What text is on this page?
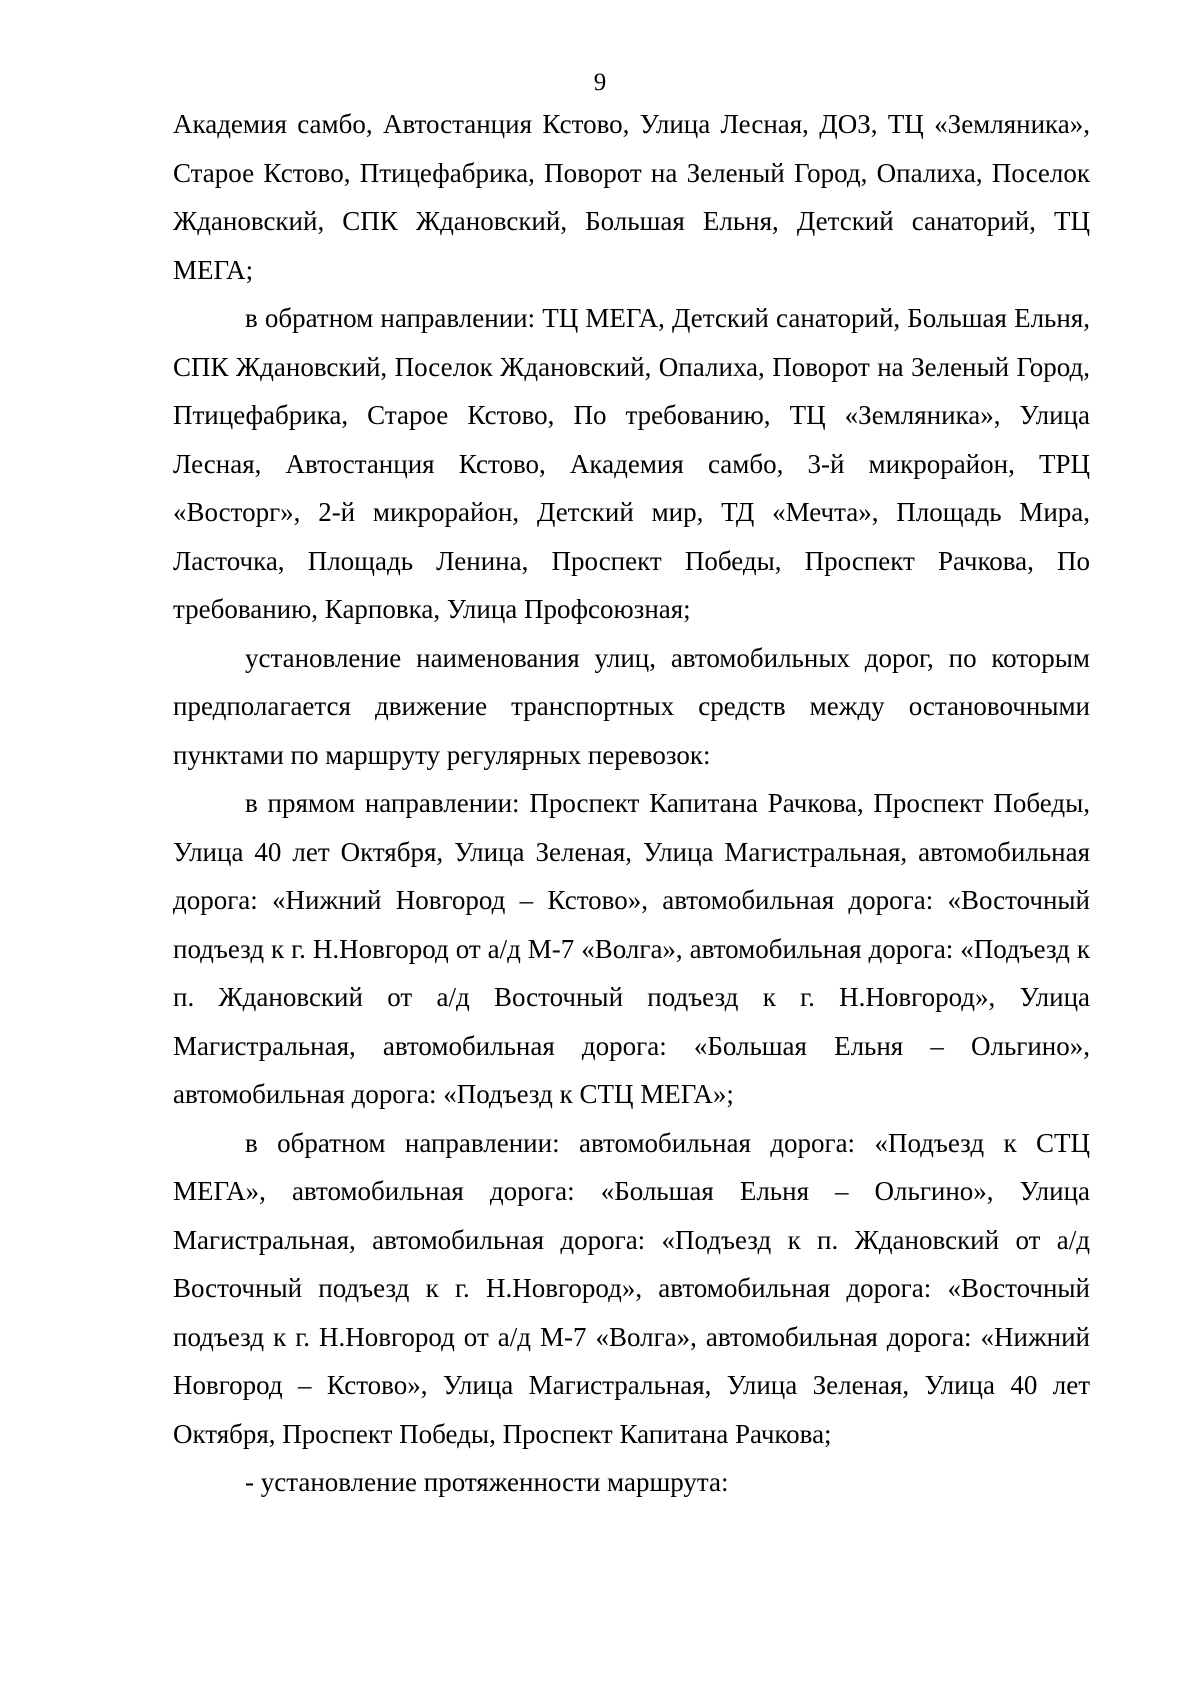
9

Академия самбо, Автостанция Кстово, Улица Лесная, ДОЗ, ТЦ «Земляника», Старое Кстово, Птицефабрика, Поворот на Зеленый Город, Опалиха, Поселок Ждановский, СПК Ждановский, Большая Ельня, Детский санаторий, ТЦ МЕГА;

в обратном направлении: ТЦ МЕГА, Детский санаторий, Большая Ельня, СПК Ждановский, Поселок Ждановский, Опалиха, Поворот на Зеленый Город, Птицефабрика, Старое Кстово, По требованию, ТЦ «Земляника», Улица Лесная, Автостанция Кстово, Академия самбо, 3-й микрорайон, ТРЦ «Восторг», 2-й микрорайон, Детский мир, ТД «Мечта», Площадь Мира, Ласточка, Площадь Ленина, Проспект Победы, Проспект Рачкова, По требованию, Карповка, Улица Профсоюзная;

установление наименования улиц, автомобильных дорог, по которым предполагается движение транспортных средств между остановочными пунктами по маршруту регулярных перевозок:

в прямом направлении: Проспект Капитана Рачкова, Проспект Победы, Улица 40 лет Октября, Улица Зеленая, Улица Магистральная, автомобильная дорога: «Нижний Новгород – Кстово», автомобильная дорога: «Восточный подъезд к г. Н.Новгород от а/д М-7 «Волга», автомобильная дорога: «Подъезд к п. Ждановский от а/д Восточный подъезд к г. Н.Новгород», Улица Магистральная, автомобильная дорога: «Большая Ельня – Ольгино», автомобильная дорога: «Подъезд к СТЦ МЕГА»;

в обратном направлении: автомобильная дорога: «Подъезд к СТЦ МЕГА», автомобильная дорога: «Большая Ельня – Ольгино», Улица Магистральная, автомобильная дорога: «Подъезд к п. Ждановский от а/д Восточный подъезд к г. Н.Новгород», автомобильная дорога: «Восточный подъезд к г. Н.Новгород от а/д М-7 «Волга», автомобильная дорога: «Нижний Новгород – Кстово», Улица Магистральная, Улица Зеленая, Улица 40 лет Октября, Проспект Победы, Проспект Капитана Рачкова;

- установление протяженности маршрута:
